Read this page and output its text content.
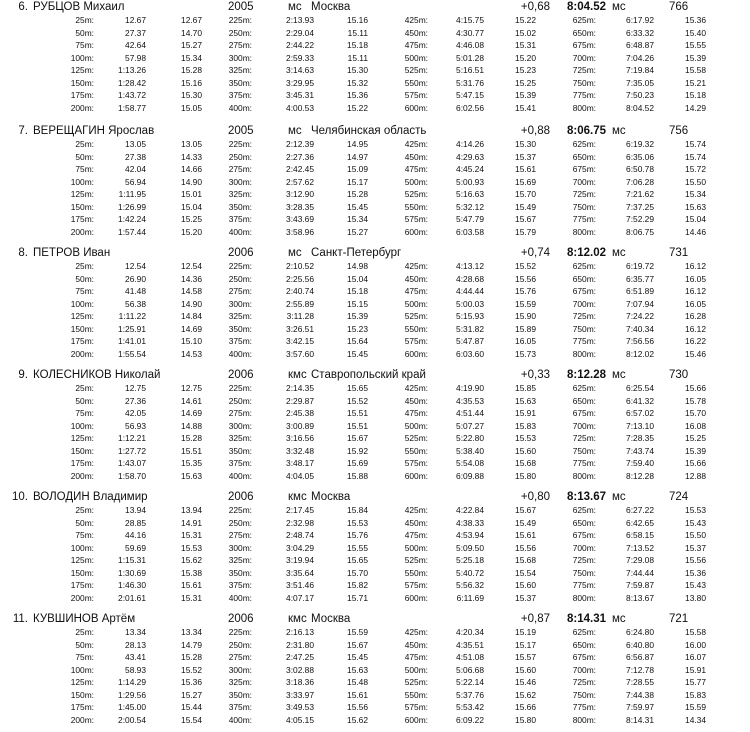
6. РУБЦОВ Михаил	2005	мс Москва	+0,68	8:04.52 мс	766
25m:	12.67	12.67	225m:	2:13.93	15.16	425m:	4:15.75	15.22	625m:	6:17.92	15.36
50m:	27.37	14.70	250m:	2:29.04	15.11	450m:	4:30.77	15.02	650m:	6:33.32	15.40
75m:	42.64	15.27	275m:	2:44.22	15.18	475m:	4:46.08	15.31	675m:	6:48.87	15.55
100m:	57.98	15.34	300m:	2:59.33	15.11	500m:	5:01.28	15.20	700m:	7:04.26	15.39
125m:	1:13.26	15.28	325m:	3:14.63	15.30	525m:	5:16.51	15.23	725m:	7:19.84	15.58
150m:	1:28.42	15.16	350m:	3:29.95	15.32	550m:	5:31.76	15.25	750m:	7:35.05	15.21
175m:	1:43.72	15.30	375m:	3:45.31	15.36	575m:	5:47.15	15.39	775m:	7:50.23	15.18
200m:	1:58.77	15.05	400m:	4:00.53	15.22	600m:	6:02.56	15.41	800m:	8:04.52	14.29
7. ВЕРЕЩАГИН Ярослав	2005	мс Челябинская область	+0,88	8:06.75 мс	756
25m:	13.05	13.05	225m:	2:12.39	14.95	425m:	4:14.26	15.30	625m:	6:19.32	15.74
50m:	27.38	14.33	250m:	2:27.36	14.97	450m:	4:29.63	15.37	650m:	6:35.06	15.74
75m:	42.04	14.66	275m:	2:42.45	15.09	475m:	4:45.24	15.61	675m:	6:50.78	15.72
100m:	56.94	14.90	300m:	2:57.62	15.17	500m:	5:00.93	15.69	700m:	7:06.28	15.50
125m:	1:11.95	15.01	325m:	3:12.90	15.28	525m:	5:16.63	15.70	725m:	7:21.62	15.34
150m:	1:26.99	15.04	350m:	3:28.35	15.45	550m:	5:32.12	15.49	750m:	7:37.25	15.63
175m:	1:42.24	15.25	375m:	3:43.69	15.34	575m:	5:47.79	15.67	775m:	7:52.29	15.04
200m:	1:57.44	15.20	400m:	3:58.96	15.27	600m:	6:03.58	15.79	800m:	8:06.75	14.46
8. ПЕТРОВ Иван	2006	мс Санкт-Петербург	+0,74	8:12.02 мс	731
25m:	12.54	12.54	225m:	2:10.52	14.98	425m:	4:13.12	15.52	625m:	6:19.72	16.12
50m:	26.90	14.36	250m:	2:25.56	15.04	450m:	4:28.68	15.56	650m:	6:35.77	16.05
75m:	41.48	14.58	275m:	2:40.74	15.18	475m:	4:44.44	15.76	675m:	6:51.89	16.12
100m:	56.38	14.90	300m:	2:55.89	15.15	500m:	5:00.03	15.59	700m:	7:07.94	16.05
125m:	1:11.22	14.84	325m:	3:11.28	15.39	525m:	5:15.93	15.90	725m:	7:24.22	16.28
150m:	1:25.91	14.69	350m:	3:26.51	15.23	550m:	5:31.82	15.89	750m:	7:40.34	16.12
175m:	1:41.01	15.10	375m:	3:42.15	15.64	575m:	5:47.87	16.05	775m:	7:56.56	16.22
200m:	1:55.54	14.53	400m:	3:57.60	15.45	600m:	6:03.60	15.73	800m:	8:12.02	15.46
9. КОЛЕСНИКОВ Николай	2006	кмс Ставропольский край	+0,33	8:12.28 мс	730
25m:	12.75	12.75	225m:	2:14.35	15.65	425m:	4:19.90	15.85	625m:	6:25.54	15.66
50m:	27.36	14.61	250m:	2:29.87	15.52	450m:	4:35.53	15.63	650m:	6:41.32	15.78
75m:	42.05	14.69	275m:	2:45.38	15.51	475m:	4:51.44	15.91	675m:	6:57.02	15.70
100m:	56.93	14.88	300m:	3:00.89	15.51	500m:	5:07.27	15.83	700m:	7:13.10	16.08
125m:	1:12.21	15.28	325m:	3:16.56	15.67	525m:	5:22.80	15.53	725m:	7:28.35	15.25
150m:	1:27.72	15.51	350m:	3:32.48	15.92	550m:	5:38.40	15.60	750m:	7:43.74	15.39
175m:	1:43.07	15.35	375m:	3:48.17	15.69	575m:	5:54.08	15.68	775m:	7:59.40	15.66
200m:	1:58.70	15.63	400m:	4:04.05	15.88	600m:	6:09.88	15.80	800m:	8:12.28	12.88
10. ВОЛОДИН Владимир	2006	кмс Москва	+0,80	8:13.67 мс	724
25m:	13.94	13.94	225m:	2:17.45	15.84	425m:	4:22.84	15.67	625m:	6:27.22	15.53
50m:	28.85	14.91	250m:	2:32.98	15.53	450m:	4:38.33	15.49	650m:	6:42.65	15.43
75m:	44.16	15.31	275m:	2:48.74	15.76	475m:	4:53.94	15.61	675m:	6:58.15	15.50
100m:	59.69	15.53	300m:	3:04.29	15.55	500m:	5:09.50	15.56	700m:	7:13.52	15.37
125m:	1:15.31	15.62	325m:	3:19.94	15.65	525m:	5:25.18	15.68	725m:	7:29.08	15.56
150m:	1:30.69	15.38	350m:	3:35.64	15.70	550m:	5:40.72	15.54	750m:	7:44.44	15.36
175m:	1:46.30	15.61	375m:	3:51.46	15.82	575m:	5:56.32	15.60	775m:	7:59.87	15.43
200m:	2:01.61	15.31	400m:	4:07.17	15.71	600m:	6:11.69	15.37	800m:	8:13.67	13.80
11. КУВШИНОВ Артём	2006	кмс Москва	+0,87	8:14.31 мс	721
25m:	13.34	13.34	225m:	2:16.13	15.59	425m:	4:20.34	15.19	625m:	6:24.80	15.58
50m:	28.13	14.79	250m:	2:31.80	15.67	450m:	4:35.51	15.17	650m:	6:40.80	16.00
75m:	43.41	15.28	275m:	2:47.25	15.45	475m:	4:51.08	15.57	675m:	6:56.87	16.07
100m:	58.93	15.52	300m:	3:02.88	15.63	500m:	5:06.68	15.60	700m:	7:12.78	15.91
125m:	1:14.29	15.36	325m:	3:18.36	15.48	525m:	5:22.14	15.46	725m:	7:28.55	15.77
150m:	1:29.56	15.27	350m:	3:33.97	15.61	550m:	5:37.76	15.62	750m:	7:44.38	15.83
175m:	1:45.00	15.44	375m:	3:49.53	15.56	575m:	5:53.42	15.66	775m:	7:59.97	15.59
200m:	2:00.54	15.54	400m:	4:05.15	15.62	600m:	6:09.22	15.80	800m:	8:14.31	14.34
